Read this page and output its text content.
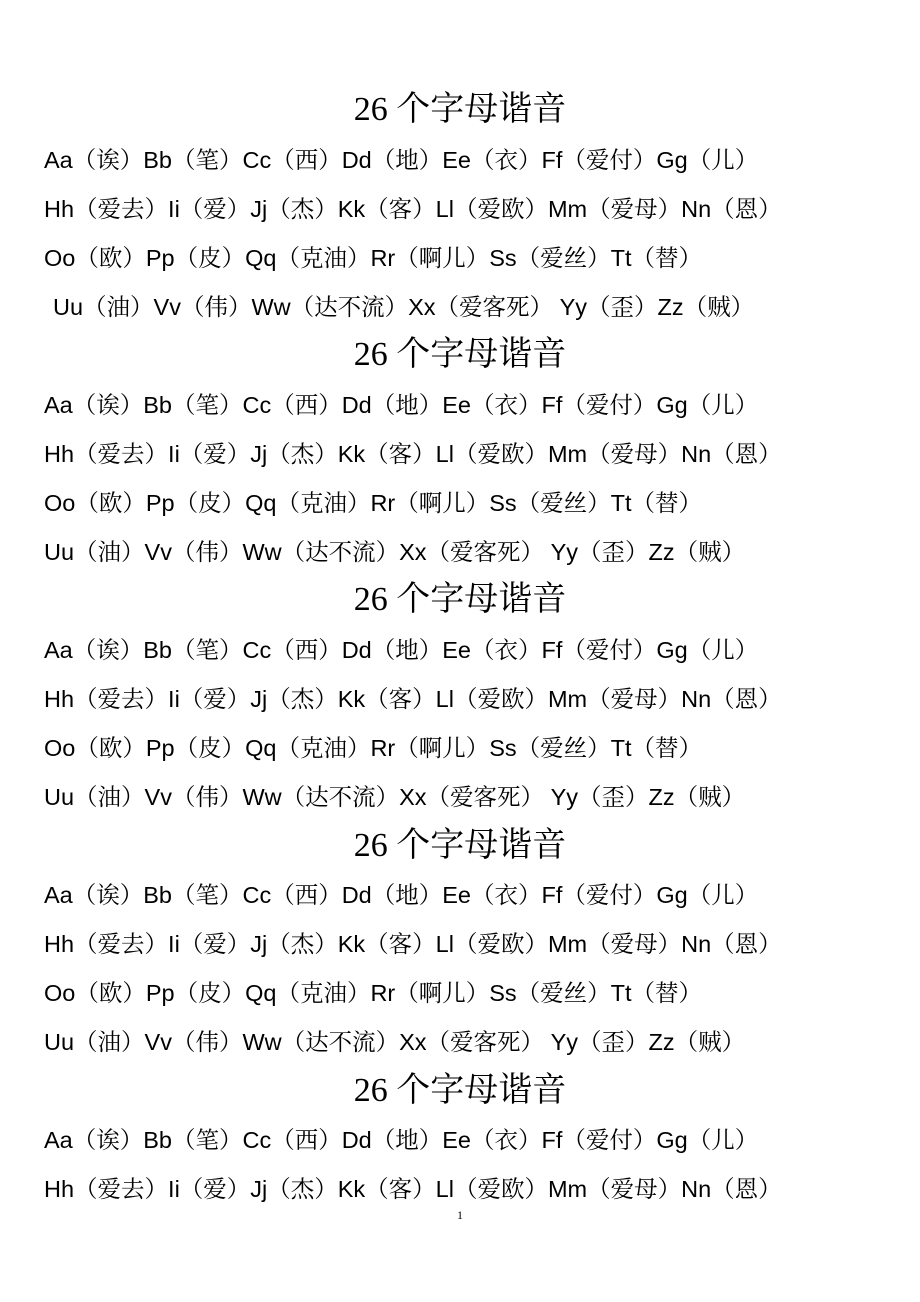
26 个字母谐音
Aa（诶）Bb（笔）Cc（西）Dd（地）Ee（衣）Ff（爱付）Gg（儿）
Hh（爱去）Ii（爱）Jj（杰）Kk（客）Ll（爱欧）Mm（爱母）Nn（恩）
Oo（欧）Pp（皮）Qq（克油）Rr（啊儿）Ss（爱丝）Tt（替）
Uu（油）Vv（伟）Ww（达不流）Xx（爱客死） Yy（歪）Zz（贼）
26 个字母谐音
Aa（诶）Bb（笔）Cc（西）Dd（地）Ee（衣）Ff（爱付）Gg（儿）
Hh（爱去）Ii（爱）Jj（杰）Kk（客）Ll（爱欧）Mm（爱母）Nn（恩）
Oo（欧）Pp（皮）Qq（克油）Rr（啊儿）Ss（爱丝）Tt（替）
Uu（油）Vv（伟）Ww（达不流）Xx（爱客死） Yy（歪）Zz（贼）
26 个字母谐音
Aa（诶）Bb（笔）Cc（西）Dd（地）Ee（衣）Ff（爱付）Gg（儿）
Hh（爱去）Ii（爱）Jj（杰）Kk（客）Ll（爱欧）Mm（爱母）Nn（恩）
Oo（欧）Pp（皮）Qq（克油）Rr（啊儿）Ss（爱丝）Tt（替）
Uu（油）Vv（伟）Ww（达不流）Xx（爱客死） Yy（歪）Zz（贼）
26 个字母谐音
Aa（诶）Bb（笔）Cc（西）Dd（地）Ee（衣）Ff（爱付）Gg（儿）
Hh（爱去）Ii（爱）Jj（杰）Kk（客）Ll（爱欧）Mm（爱母）Nn（恩）
Oo（欧）Pp（皮）Qq（克油）Rr（啊儿）Ss（爱丝）Tt（替）
Uu（油）Vv（伟）Ww（达不流）Xx（爱客死） Yy（歪）Zz（贼）
26 个字母谐音
Aa（诶）Bb（笔）Cc（西）Dd（地）Ee（衣）Ff（爱付）Gg（儿）
Hh（爱去）Ii（爱）Jj（杰）Kk（客）Ll（爱欧）Mm（爱母）Nn（恩）
1
